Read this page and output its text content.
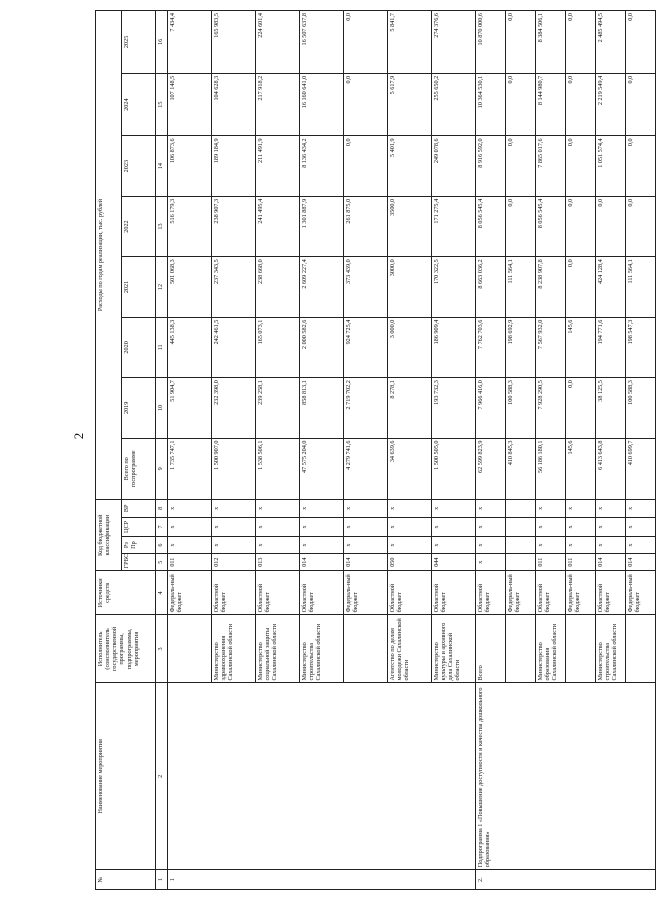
2
№	Наименование мероприятия	Исполнитель (соисполнитель государственной программы, подпрограммы, мероприятия	Источники средств	Код бюджетной классификации				Расходы по годам реализации, тыс. рублей							
				ГРБС	Рз Пр	ЦСР	ВР	Всего по госпрограмме	2019	2020	2021	2022	2023	2024	2025
1	2	3	4	5	6	7	8	9	10	11	12	13	14	15	16
1			Федераль-ный бюджет	011	х	х	х	1 735 747,1	51 904,7	445 138,3	501 068,3	516 179,3	106 873,6	107 148,5	7 434,4
		Министерство здравоохранения Сахалинской области	Областной бюджет	012	х	х	х	1 500 907,0	232 398,0	242 461,5	237 343,5	238 907,3	189 184,9	104 628,3	165 983,5
		Министерство социальной защиты Сахалинской области	Областной бюджет	013	х	х	х	1 538 506,1	239 258,1	165 073,1	238 668,0	241 495,4	211 491,9	217 918,2	224 601,4
		Министерство строительства Сахалинской области	Областной бюджет	014	х	х	х	47 575 204,0	858 813,1	2 000 582,6	2 609 227,4	1 301 887,9	8 136 434,2	16 160 641,0	16 507 637,8
			Федераль-ный бюджет	014	х	х	х	4 279 741,6	2 719 702,2	924 725,4	373 439,0	261 875,0	0,0	0,0	0,0
		Агентство по делам молодежи Сахалинской области	Областной бюджет	050	х	х	х	34 639,6	8 278,1	3 000,0	3000,0	3500,0	5 401,9	5 617,9	5 841,7
		Министерство культуры и архивного дела Сахалинской области	Областной бюджет	044	х	х	х	1 500 505,0	193 732,3	186 909,4	170 322,5	171 275,4	249 078,6	255 650,2	274 376,6
2.	Подпрограмма 1 «Повышение доступности и качества дошкольного образования»	Всего	Областной бюджет	х	х	х	х	62 599 823,9	7 966 416,0	7 762 703,6	8 663 036,2	8 056 545,4	8 916 592,0	10 364 530,1	10 870 000,6
			Федераль-ный бюджет					410 845,3	100 588,3	198 692,9	111 564,1	0,0	0,0	0,0	0,0
		Министерство образования Сахалинской области	Областной бюджет	011	х	х	х	56 186 180,1	7 928 290,5	7 567 932,0	8 238 907,8	8 056 545,4	7 865 017,6	8 144 980,7	8 384 506,1
			Федераль-ный бюджет	011	х	х	х	145,6	0,0	145,6	0,0	0,0	0,0	0,0	0,0
		Министерство строительства Сахалинской области	Областной бюджет	014	х	х	х	6 413 643,8	38 125,5	194 771,6	424 128,4	0,0	1 051 574,4	2 219 549,4	2 485 494,5
			Федераль-ный бюджет	014	х	х	х	410 699,7	100 588,3	198 547,3	111 564,1	0,0	0,0	0,0	0,0
